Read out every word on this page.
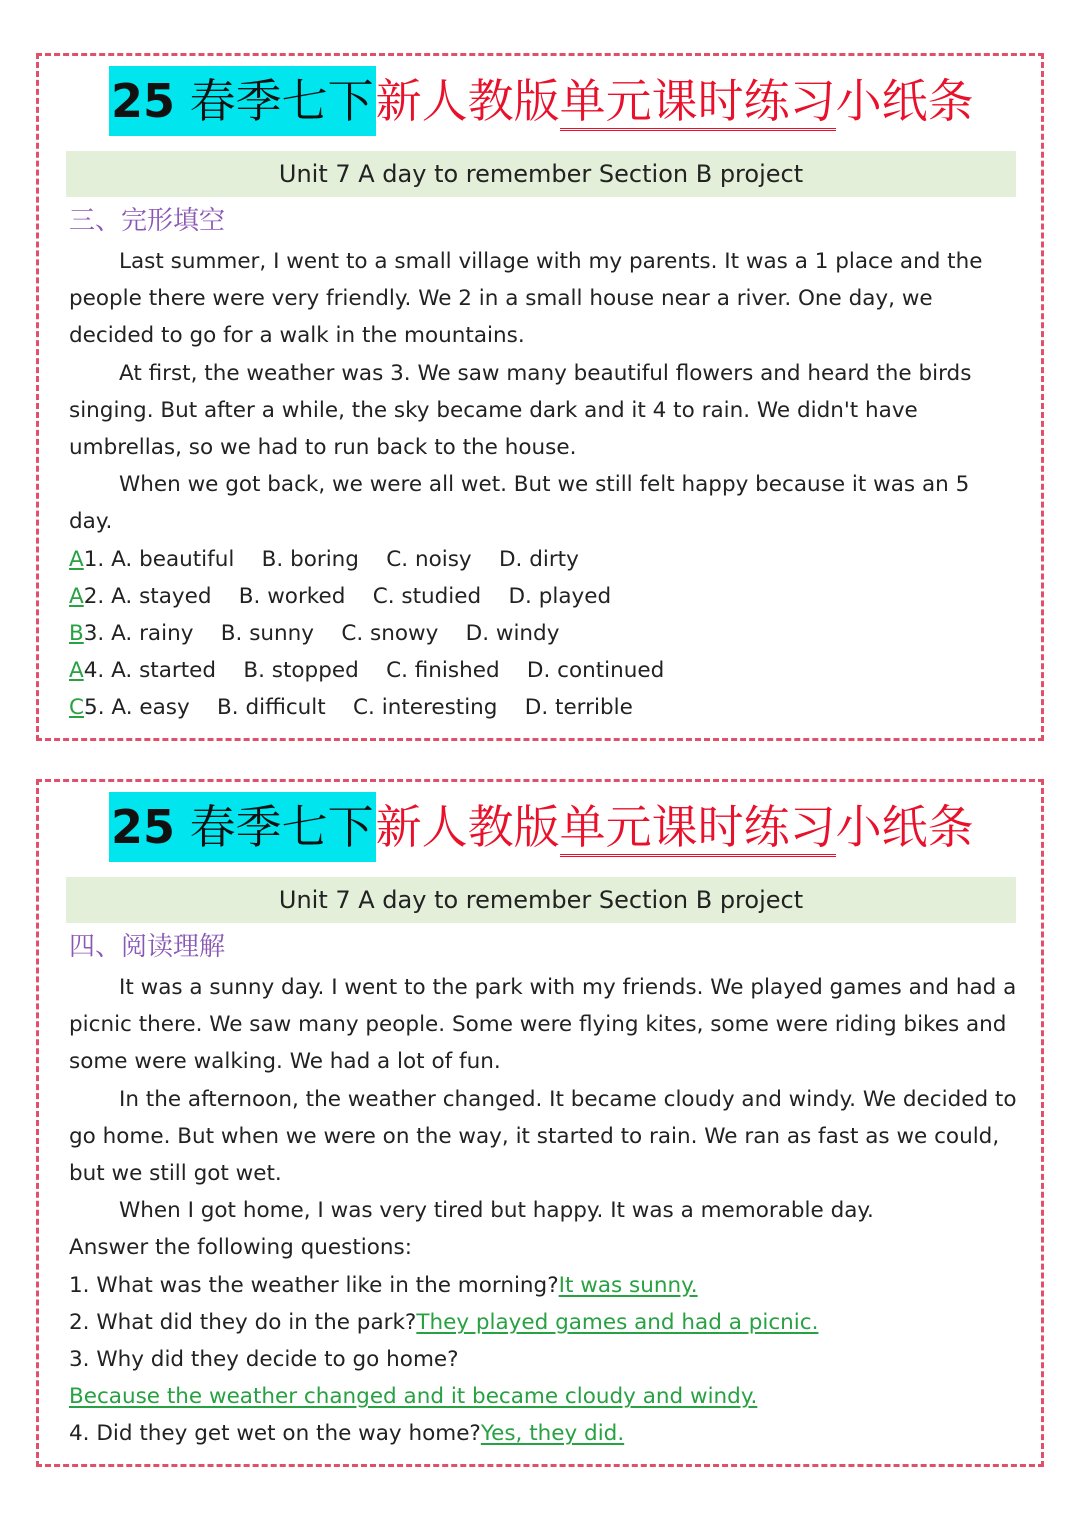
25 春季七下新人教版单元课时练习小纸条
Unit 7 A day to remember Section B project
三、完形填空

Last summer, I went to a small village with my parents. It was a 1 place and the people there were very friendly. We 2 in a small house near a river. One day, we decided to go for a walk in the mountains.

At first, the weather was 3. We saw many beautiful flowers and heard the birds singing. But after a while, the sky became dark and it 4 to rain. We didn't have umbrellas, so we had to run back to the house.

When we got back, we were all wet. But we still felt happy because it was an 5 day.

A1. A. beautiful    B. boring    C. noisy    D. dirty

A2. A. stayed    B. worked    C. studied    D. played

B3. A. rainy    B. sunny    C. snowy    D. windy

A4. A. started    B. stopped    C. finished    D. continued

C5. A. easy    B. difficult    C. interesting    D. terrible

25 春季七下新人教版单元课时练习小纸条
Unit 7 A day to remember Section B project
四、阅读理解

It was a sunny day. I went to the park with my friends. We played games and had a picnic there. We saw many people. Some were flying kites, some were riding bikes and some were walking. We had a lot of fun.

In the afternoon, the weather changed. It became cloudy and windy. We decided to go home. But when we were on the way, it started to rain. We ran as fast as we could, but we still got wet.

When I got home, I was very tired but happy. It was a memorable day.

Answer the following questions:

1. What was the weather like in the morning?It was sunny.

2. What did they do in the park?They played games and had a picnic.

3. Why did they decide to go home?

Because the weather changed and it became cloudy and windy.

4. Did they get wet on the way home?Yes, they did.
